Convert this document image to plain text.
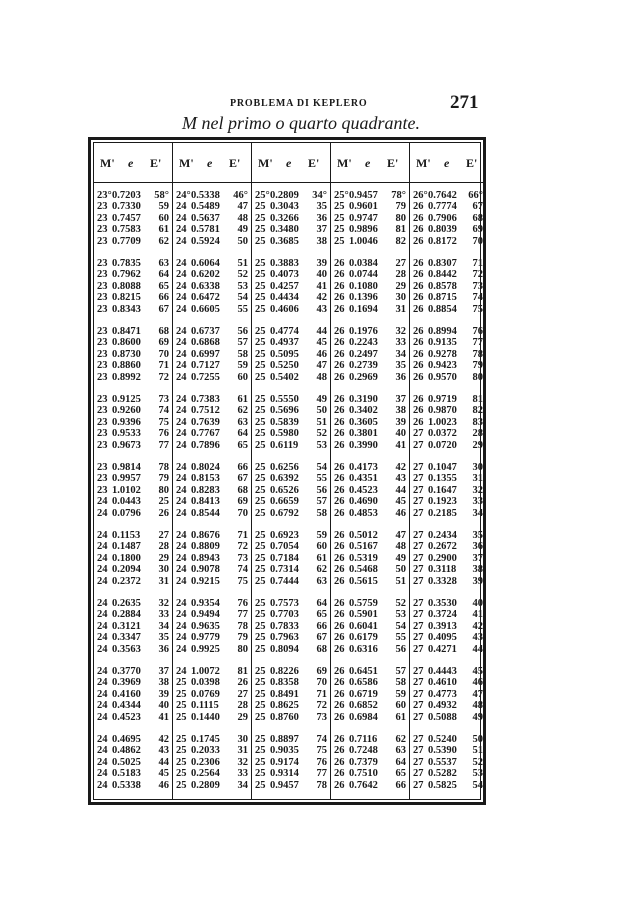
PROBLEMA DI KEPLERO	271
M nel primo o quarto quadrante.
M' e E'
23° 0.7203 58°
23 0.7330 59
23 0.7457 60
23 0.7583 61
23 0.7709 62
23 0.7835 63
23 0.7962 64
23 0.8088 65
23 0.8215 66
23 0.8343 67
23 0.8471 68
23 0.8600 69
23 0.8730 70
23 0.8860 71
23 0.8992 72
23 0.9125 73
23 0.9260 74
23 0.9396 75
23 0.9533 76
23 0.9673 77
23 0.9814 78
23 0.9957 79
23 1.0102 80
24 0.0443 25
24 0.0796 26
24 0.1153 27
24 0.1487 28
24 0.1800 29
24 0.2094 30
24 0.2372 31
24 0.2635 32
24 0.2884 33
24 0.3121 34
24 0.3347 35
24 0.3563 36
24 0.3770 37
24 0.3969 38
24 0.4160 39
24 0.4344 40
24 0.4523 41
24 0.4695 42
24 0.4862 43
24 0.5025 44
24 0.5183 45
24 0.5338 46
M' e E'
24° 0.5338 46°
24 0.5489 47
24 0.5637 48
24 0.5781 49
24 0.5924 50
24 0.6064 51
24 0.6202 52
24 0.6338 53
24 0.6472 54
24 0.6605 55
24 0.6737 56
24 0.6868 57
24 0.6997 58
24 0.7127 59
24 0.7255 60
24 0.7383 61
24 0.7512 62
24 0.7639 63
24 0.7767 64
24 0.7896 65
24 0.8024 66
24 0.8153 67
24 0.8283 68
24 0.8413 69
24 0.8544 70
24 0.8676 71
24 0.8809 72
24 0.8943 73
24 0.9078 74
24 0.9215 75
24 0.9354 76
24 0.9494 77
24 0.9635 78
24 0.9779 79
24 0.9925 80
24 1.0072 81
25 0.0398 26
25 0.0769 27
25 0.1115 28
25 0.1440 29
25 0.1745 30
25 0.2033 31
25 0.2306 32
25 0.2564 33
25 0.2809 34
M' e E'
25° 0.2809 34°
25 0.3043 35
25 0.3266 36
25 0.3480 37
25 0.3685 38
25 0.3883 39
25 0.4073 40
25 0.4257 41
25 0.4434 42
25 0.4606 43
25 0.4774 44
25 0.4937 45
25 0.5095 46
25 0.5250 47
25 0.5402 48
25 0.5550 49
25 0.5696 50
25 0.5839 51
25 0.5980 52
25 0.6119 53
25 0.6256 54
25 0.6392 55
25 0.6526 56
25 0.6659 57
25 0.6792 58
25 0.6923 59
25 0.7054 60
25 0.7184 61
25 0.7314 62
25 0.7444 63
25 0.7573 64
25 0.7703 65
25 0.7833 66
25 0.7963 67
25 0.8094 68
25 0.8226 69
25 0.8358 70
25 0.8491 71
25 0.8625 72
25 0.8760 73
25 0.8897 74
25 0.9035 75
25 0.9174 76
25 0.9314 77
25 0.9457 78
M' e E'
25° 0.9457 78°
25 0.9601 79
25 0.9747 80
25 0.9896 81
25 1.0046 82
26 0.0384 27
26 0.0744 28
26 0.1080 29
26 0.1396 30
26 0.1694 31
26 0.1976 32
26 0.2243 33
26 0.2497 34
26 0.2739 35
26 0.2969 36
26 0.3190 37
26 0.3402 38
26 0.3605 39
26 0.3801 40
26 0.3990 41
26 0.4173 42
26 0.4351 43
26 0.4523 44
26 0.4690 45
26 0.4853 46
26 0.5012 47
26 0.5167 48
26 0.5319 49
26 0.5468 50
26 0.5615 51
26 0.5759 52
26 0.5901 53
26 0.6041 54
26 0.6179 55
26 0.6316 56
26 0.6451 57
26 0.6586 58
26 0.6719 59
26 0.6852 60
26 0.6984 61
26 0.7116 62
26 0.7248 63
26 0.7379 64
26 0.7510 65
26 0.7642 66
M' e E'
26° 0.7642 66°
26 0.7774 67
26 0.7906 68
26 0.8039 69
26 0.8172 70
26 0.8307 71
26 0.8442 72
26 0.8578 73
26 0.8715 74
26 0.8854 75
26 0.8994 76
26 0.9135 77
26 0.9278 78
26 0.9423 79
26 0.9570 80
26 0.9719 81
26 0.9870 82
26 1.0023 83
27 0.0372 28
27 0.0720 29
27 0.1047 30
27 0.1355 31
27 0.1647 32
27 0.1923 33
27 0.2185 34
27 0.2434 35
27 0.2672 36
27 0.2900 37
27 0.3118 38
27 0.3328 39
27 0.3530 40
27 0.3724 41
27 0.3913 42
27 0.4095 43
27 0.4271 44
27 0.4443 45
27 0.4610 46
27 0.4773 47
27 0.4932 48
27 0.5088 49
27 0.5240 50
27 0.5390 51
27 0.5537 52
27 0.5282 53
27 0.5825 54
